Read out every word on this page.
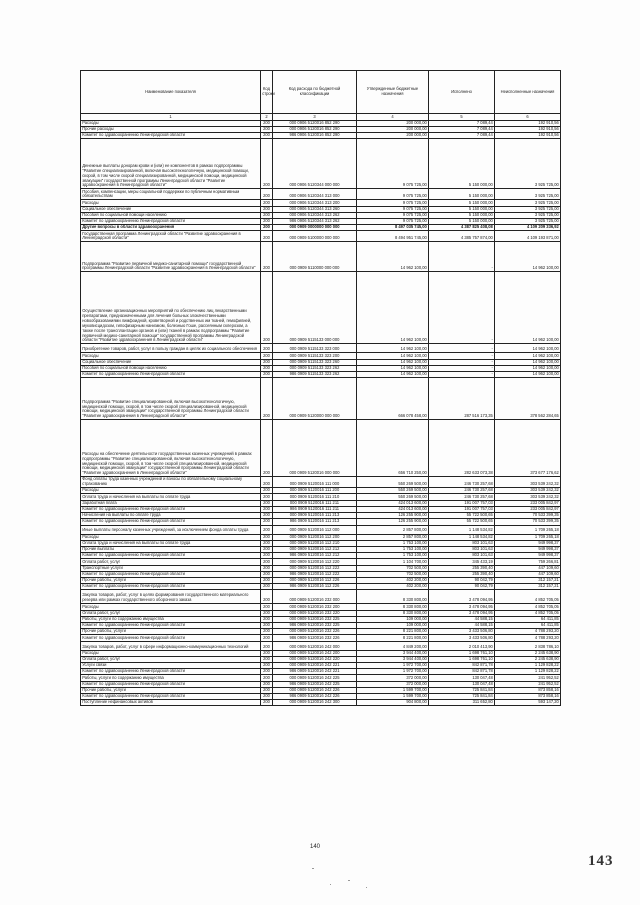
Наименование показателя	Код строки	Код расхода по бюджетной классификации	Утвержденные бюджетные назначения	Исполнено	Неисполненные назначения
1	2	3	4	5	6
Расходы	200	000 0906 5120016 852 290	200 000,00	7 089,44	192 910,56
Прочие расходы	200	000 0906 5120016 852 290	200 000,00	7 089,44	192 910,56
Комитет по здравоохранению Ленинградской области	200	986 0906 5120016 852 290	200 000,00	7 089,44	192 910,56
Денежные выплаты донорам крови и (или) ее компонентов в рамках подпрограммы "Развитие специализированной, включая высокотехнологичную, медицинской помощи, скорой, в том числе скорой специализированной, медицинской помощи, медицинской эвакуации" государственной программы Ленинградской области "Развитие здравоохранения в Ленинградской области"	200	000 0906 5120344 000 000	9 075 725,00	5 150 000,00	3 925 725,00
Пособия, компенсации, меры социальной поддержки по публичным нормативным обязательствам	200	000 0906 5120344 313 000	9 075 725,00	5 150 000,00	3 925 725,00
Расходы	200	000 0906 5120344 313 200	9 075 725,00	5 150 000,00	3 925 725,00
Социальное обеспечение	200	000 0906 5120344 313 260	9 075 725,00	5 150 000,00	3 925 725,00
Пособия по социальной помощи населению	200	000 0906 5120344 313 262	9 075 725,00	5 150 000,00	3 925 725,00
Комитет по здравоохранению Ленинградской области	200	986 0906 5120344 313 262	9 075 725,00	5 150 000,00	3 925 725,00
Другие вопросы в области здравоохранения	200	000 0909 0000000 000 000	8 497 035 745,00	4 387 825 408,08	4 109 209 336,92
Государственная программа Ленинградской области "Развитие здравоохранения в Ленинградской области"	200	000 0909 5100000 000 000	8 494 951 745,00	4 385 757 874,00	4 109 193 871,00
Подпрограмма "Развитие первичной медико-санитарной помощи" государственной программы Ленинградской области "Развитие здравоохранения в Ленинградской области"	200	000 0909 5110000 000 000	14 962 100,00	-	14 962 100,00
Осуществление организационных мероприятий по обеспечению лиц лекарственными препаратами, предназначенными для лечения больных злокачественными новообразованиями лимфоидной, кроветворной и родственных им тканей, гемофилией, муковисцидозом, гипофизарным нанизмом, болезнью Гоше, рассеянным склерозом, а также после трансплантации органов и (или) тканей в рамках подпрограммы "Развитие первичной медико-санитарной помощи" государственной программы Ленинградской области "Развитие здравоохранения в Ленинградской области"	200	000 0909 5115133 000 000	14 962 100,00	-	14 962 100,00
Приобретение товаров, работ, услуг в пользу граждан в целях их социального обеспечения	200	000 0909 5115133 323 000	14 962 100,00	-	14 962 100,00
Расходы	200	000 0909 5115133 323 200	14 962 100,00	-	14 962 100,00
Социальное обеспечение	200	000 0909 5115133 323 260	14 962 100,00	-	14 962 100,00
Пособия по социальной помощи населению	200	000 0909 5115133 323 262	14 962 100,00	-	14 962 100,00
Комитет по здравоохранению Ленинградской области	200	986 0909 5115133 323 262	14 962 100,00	-	14 962 100,00
Подпрограмма "Развитие специализированной, включая высокотехнологичную, медицинской помощи, скорой, в том числе скорой специализированной, медицинской помощи, медицинской эвакуации" государственной программы Ленинградской области "Развитие здравоохранения в Ленинградской области"	200	000 0909 5120000 000 000	666 078 458,00	287 516 173,35	378 562 284,65
Расходы на обеспечение деятельности государственных казенных учреждений в рамках подпрограммы "Развитие специализированной, включая высокотехнологичную, медицинской помощи, скорой, в том числе скорой специализированной, медицинской помощи, медицинской эвакуации" государственной программы Ленинградской области "Развитие здравоохранения в Ленинградской области"	200	000 0909 5120016 000 000	656 710 250,00	282 633 073,38	373 677 176,62
Фонд оплаты труда казенных учреждений и взносы по обязательному социальному страхованию	200	000 0909 5120016 111 000	550 269 500,00	246 730 257,68	303 539 242,32
Расходы	200	000 0909 5120016 111 200	550 269 500,00	246 730 257,68	303 539 242,32
Оплата труда и начисления на выплаты по оплате труда	200	000 0909 5120016 111 210	550 269 500,00	246 730 257,68	303 539 242,32
Заработная плата	200	000 0909 5120016 111 211	424 013 600,00	191 007 757,03	233 005 842,97
Комитет по здравоохранению Ленинградской области	200	986 0909 5120016 111 211	424 013 600,00	191 007 757,03	233 005 842,97
Начисления на выплаты по оплате труда	200	000 0909 5120016 111 213	126 255 900,00	55 722 500,65	70 533 399,35
Комитет по здравоохранению Ленинградской области	200	986 0909 5120016 111 213	126 255 900,00	55 722 500,65	70 533 399,35
Иные выплаты персоналу казенных учреждений, за исключением фонда оплаты труда	200	000 0909 5120016 112 000	2 857 800,00	1 148 534,82	1 709 265,18
Расходы	200	000 0909 5120016 112 200	2 857 800,00	1 148 534,82	1 709 265,18
Оплата труда и начисления на выплаты по оплате труда	200	000 0909 5120016 112 210	1 753 100,00	803 101,63	949 998,37
Прочие выплаты	200	000 0909 5120016 112 212	1 753 100,00	803 101,63	949 998,37
Комитет по здравоохранению Ленинградской области	200	986 0909 5120016 112 212	1 753 100,00	803 101,63	949 998,37
Оплата работ, услуг	200	000 0909 5120016 112 220	1 104 700,00	345 433,19	759 266,81
Транспортные услуги	200	000 0909 5120016 112 222	702 500,00	255 390,40	447 109,60
Комитет по здравоохранению Ленинградской области	200	986 0909 5120016 112 222	702 500,00	255 390,40	447 109,60
Прочие работы, услуги	200	000 0909 5120016 112 226	402 200,00	90 042,79	312 157,21
Комитет по здравоохранению Ленинградской области	200	986 0909 5120016 112 226	402 200,00	90 042,79	312 157,21
Закупка товаров, работ, услуг в целях формирования государственного материального резерва или рамках государственного оборонного заказа	200	000 0909 5120016 232 000	8 330 800,00	3 478 094,95	4 852 705,05
Расходы	200	000 0909 5120016 232 200	8 330 800,00	3 478 094,95	4 852 705,05
Оплата работ, услуг	200	000 0909 5120016 232 220	8 330 800,00	3 478 094,95	4 852 705,05
Работы, услуги по содержанию имущества	200	000 0909 5120016 232 225	109 000,00	44 588,15	64 411,85
Комитет по здравоохранению Ленинградской области	200	986 0909 5120016 232 225	109 000,00	44 588,15	64 411,85
Прочие работы, услуги	200	000 0909 5120016 232 226	8 221 800,00	3 433 506,80	4 788 293,20
Комитет по здравоохранению Ленинградской области	200	986 0909 5120016 232 226	8 221 800,00	3 433 506,80	4 788 293,20
Закупка товаров, работ, услуг в сфере информационно-коммуникационных технологий	200	000 0909 5120016 242 000	4 849 200,00	2 010 413,90	2 838 786,10
Расходы	200	000 0909 5120016 242 200	3 944 400,00	1 698 761,10	2 245 638,90
Оплата работ, услуг	200	000 0909 5120016 242 220	3 944 400,00	1 698 761,10	2 245 638,90
Услуги связи	200	000 0909 5120016 242 221	1 972 700,00	842 871,78	1 129 828,22
Комитет по здравоохранению Ленинградской области	200	986 0909 5120016 242 221	1 972 700,00	842 871,78	1 129 828,22
Работы, услуги по содержанию имущества	200	000 0909 5120016 242 225	372 000,00	130 047,48	241 952,52
Комитет по здравоохранению Ленинградской области	200	986 0909 5120016 242 225	372 000,00	130 047,48	241 952,52
Прочие работы, услуги	200	000 0909 5120016 242 226	1 599 700,00	725 841,84	873 858,16
Комитет по здравоохранению Ленинградской области	200	986 0909 5120016 242 226	1 599 700,00	725 841,84	873 858,16
Поступление нефинансовых активов	200	000 0909 5120016 242 300	904 800,00	311 652,80	593 147,20
140
143
